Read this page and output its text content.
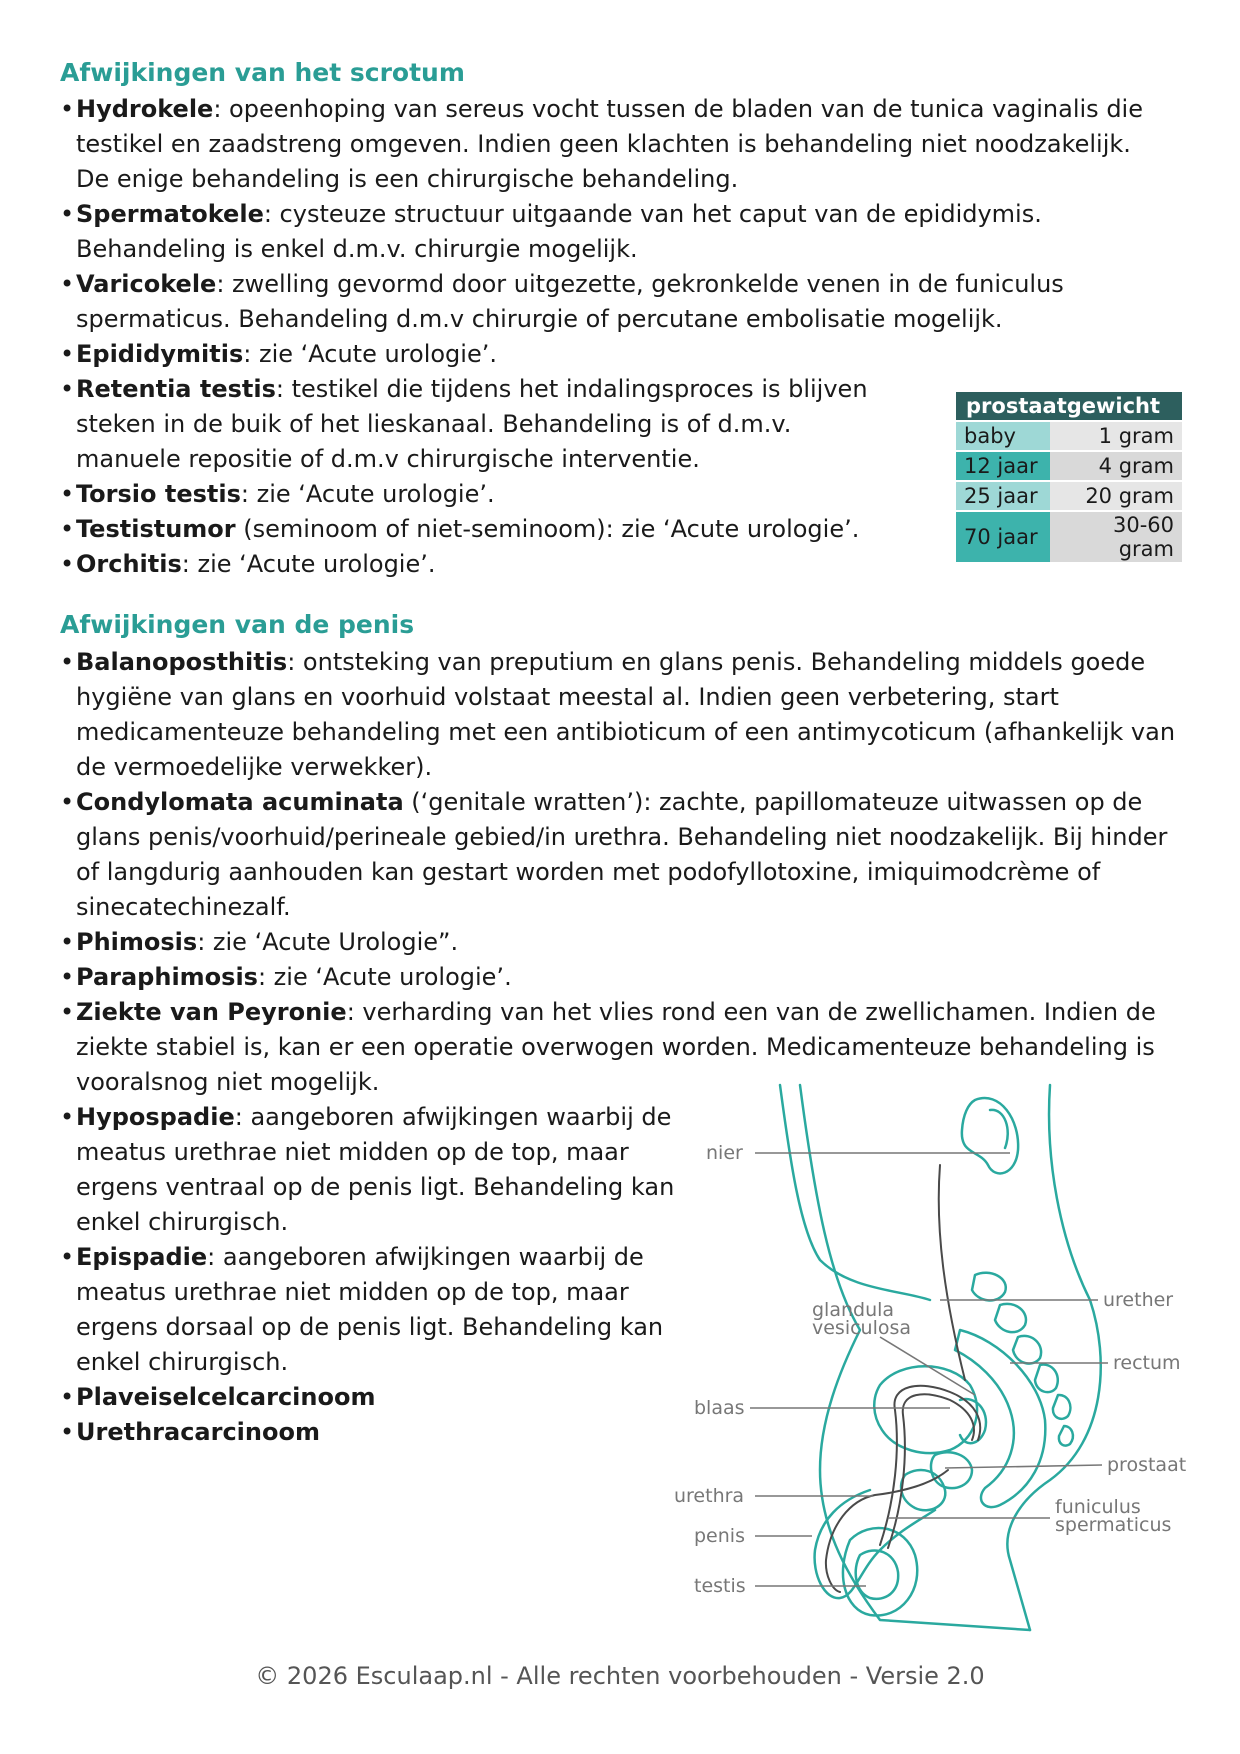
Afwijkingen van het scrotum
• Hydrokele: opeenhoping van sereus vocht tussen de bladen van de tunica vaginalis die testikel en zaadstreng omgeven. Indien geen klachten is behandeling niet noodzakelijk. De enige behandeling is een chirurgische behandeling.
• Spermatokele: cysteuze structuur uitgaande van het caput van de epididymis. Behandeling is enkel d.m.v. chirurgie mogelijk.
• Varicokele: zwelling gevormd door uitgezette, gekronkelde venen in de funiculus spermaticus. Behandeling d.m.v chirurgie of percutane embolisatie mogelijk.
• Epididymitis: zie ‘Acute urologie’.
• Retentia testis: testikel die tijdens het indalingsproces is blijven steken in de buik of het lieskanaal. Behandeling is of d.m.v. manuele repositie of d.m.v chirurgische interventie.
• Torsio testis: zie ‘Acute urologie’.
• Testistumor (seminoom of niet-seminoom): zie ‘Acute urologie’.
• Orchitis: zie ‘Acute urologie’.
prostaatgewicht	
baby	1 gram
12 jaar	4 gram
25 jaar	20 gram
70 jaar	30-60 gram
Afwijkingen van de penis
• Balanoposthitis: ontsteking van preputium en glans penis. Behandeling middels goede hygiëne van glans en voorhuid volstaat meestal al. Indien geen verbetering, start medicamenteuze behandeling met een antibioticum of een antimycoticum (afhankelijk van de vermoedelijke verwekker).
• Condylomata acuminata (‘genitale wratten’): zachte, papillomateuze uitwassen op de glans penis/voorhuid/perineale gebied/in urethra. Behandeling niet noodzakelijk. Bij hinder of langdurig aanhouden kan gestart worden met podofyllotoxine, imiquimodcrème of sinecatechinezalf.
• Phimosis: zie ‘Acute Urologie”.
• Paraphimosis: zie ‘Acute urologie’.
• Ziekte van Peyronie: verharding van het vlies rond een van de zwellichamen. Indien de ziekte stabiel is, kan er een operatie overwogen worden. Medicamenteuze behandeling is vooralsnog niet mogelijk.
• Hypospadie: aangeboren afwijkingen waarbij de meatus urethrae niet midden op de top, maar ergens ventraal op de penis ligt. Behandeling kan enkel chirurgisch.
• Epispadie: aangeboren afwijkingen waarbij de meatus urethrae niet midden op de top, maar ergens dorsaal op de penis ligt. Behandeling kan enkel chirurgisch.
• Plaveiselcelcarcinoom
• Urethracarcinoom
nier
urether
glandula
vesiculosa
rectum
blaas
prostaat
urethra	funiculus
spermaticus
penis
testis
© 2026 Esculaap.nl - Alle rechten voorbehouden - Versie 2.0
